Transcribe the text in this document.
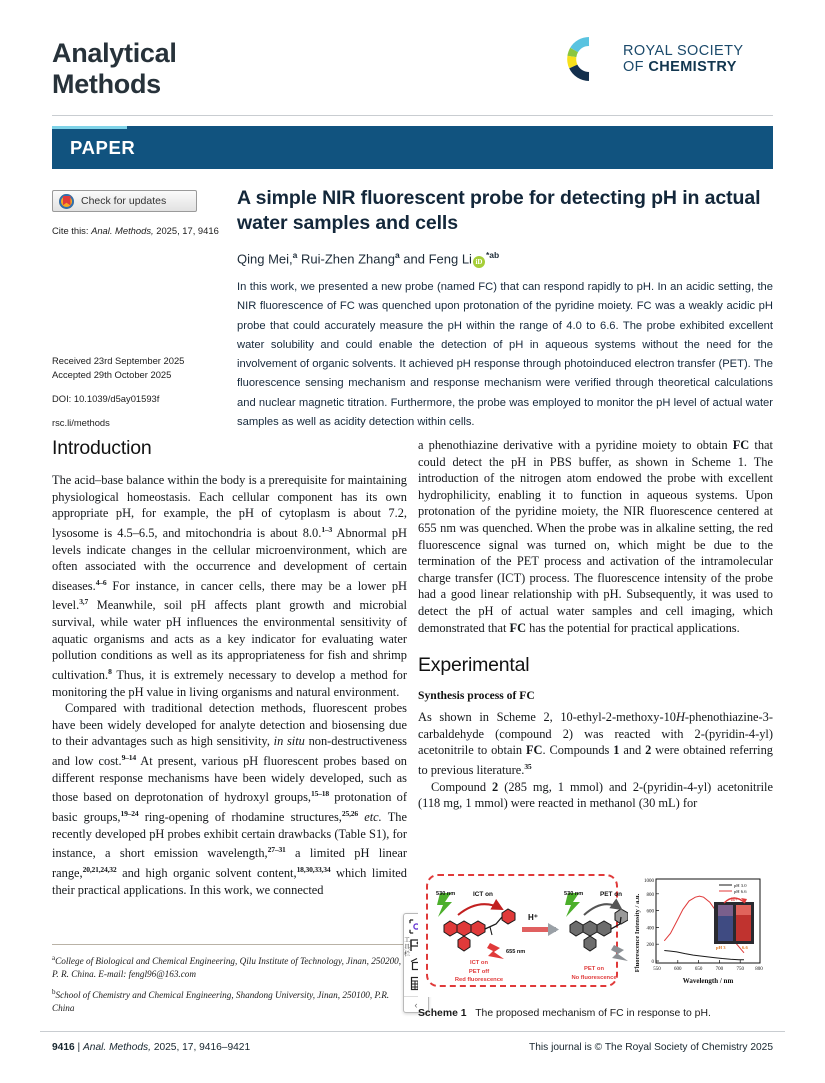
Analytical
Methods
ROYAL SOCIETY
OF CHEMISTRY
PAPER
Check for updates
Cite this: Anal. Methods, 2025, 17, 9416
Received 23rd September 2025
Accepted 29th October 2025
DOI: 10.1039/d5ay01593f
rsc.li/methods
A simple NIR fluorescent probe for detecting pH in actual water samples and cells
Qing Mei,$^a$ Rui-Zhen Zhang$^a$ and Feng Li $iD^{*ab}$
In this work, we presented a new probe (named FC) that can respond rapidly to pH. In an acidic setting, the NIR fluorescence of FC was quenched upon protonation of the pyridine moiety. FC was a weakly acidic pH probe that could accurately measure the pH within the range of 4.0 to 6.6. The probe exhibited excellent water solubility and could enable the detection of pH in aqueous systems without the need for the involvement of organic solvents. It achieved pH response through photoinduced electron transfer (PET). The fluorescence sensing mechanism and response mechanism were verified through theoretical calculations and nuclear magnetic titration. Furthermore, the probe was employed to monitor the pH level of actual water samples as well as acidity detection within cells.
Introduction

The acid–base balance within the body is a prerequisite for maintaining physiological homeostasis. Each cellular component has its own appropriate pH, for example, the pH of cytoplasm is about 7.2, lysosome is 4.5–6.5, and mitochondria is about 8.0.$^{1-3}$ Abnormal pH levels indicate changes in the cellular microenvironment, which are often associated with the occurrence and development of certain diseases.$^{4-6}$ For instance, in cancer cells, there may be a lower pH level.$^{3,7}$ Meanwhile, soil pH affects plant growth and microbial survival, while water pH influences the environmental sensitivity of aquatic organisms and acts as a key indicator for evaluating water pollution conditions as well as its appropriateness for fish and shrimp cultivation.$^8$ Thus, it is extremely necessary to develop a method for monitoring the pH value in living organisms and natural environment.

Compared with traditional detection methods, fluorescent probes have been widely developed for analyte detection and biosensing due to their advantages such as high sensitivity, in situ non-destructiveness and low cost.$^{9-14}$ At present, various pH fluorescent probes based on different response mechanisms have been widely developed, such as those based on deprotonation of hydroxyl groups,$^{15-18}$ protonation of basic groups,$^{19-24}$ ring-opening of rhodamine structures,$^{25,26}$ etc. The recently developed pH probes exhibit certain drawbacks (Table S1), for instance, a short emission wavelength,$^{27-31}$ a limited pH linear range,$^{20,21,24,32}$ and high organic solvent content,$^{18,30,33,34}$ which limited their practical applications. In this work, we connected

a phenothiazine derivative with a pyridine moiety to obtain FC that could detect the pH in PBS buffer, as shown in Scheme 1. The introduction of the nitrogen atom endowed the probe with excellent hydrophilicity, enabling it to function in aqueous systems. Upon protonation of the pyridine moiety, the NIR fluorescence centered at 655 nm was quenched. When the probe was in alkaline setting, the red fluorescence signal was turned on, which might be due to the termination of the PET process and activation of the intramolecular charge transfer (ICT) process. The fluorescence intensity of the probe had a good linear relationship with pH. Subsequently, it was used to detect the pH of actual water samples and cell imaging, which demonstrated that FC has the potential for practical applications.

Experimental
Synthesis process of FC

As shown in Scheme 2, 10-ethyl-2-methoxy-10H-phenothiazine-3-carbaldehyde (compound 2) was reacted with 2-(pyridin-4-yl) acetonitrile to obtain FC. Compounds 1 and 2 were obtained referring to previous literature.$^{35}$

Compound 2 (285 mg, 1 mmol) and 2-(pyridin-4-yl) acetonitrile (118 mg, 1 mmol) were reacted in methanol (30 mL) for

$^a$College of Biological and Chemical Engineering, Qilu Institute of Technology, Jinan, 250200, P. R. China. E-mail: fengl96@163.com

$^b$School of Chemistry and Chemical Engineering, Shandong University, Jinan, 250100, P.R. China	‹
工具 栏
530 nm	ICT on
655 nm
ICT on
PET off
Red fluorescence
H⁺
530 nm	PET on
PET on
No fluorescence
Fluorescence Intensity / a.u. 0
200
400
600
800
1000
550	600	650	700	750 800
Wavelength / nm
pH 3.0
pH 6.6
H+
pH 3	6.6
Scheme 1 The proposed mechanism of FC in response to pH.
9416 | Anal. Methods, 2025, 17, 9416–9421	This journal is © The Royal Society of Chemistry 2025
